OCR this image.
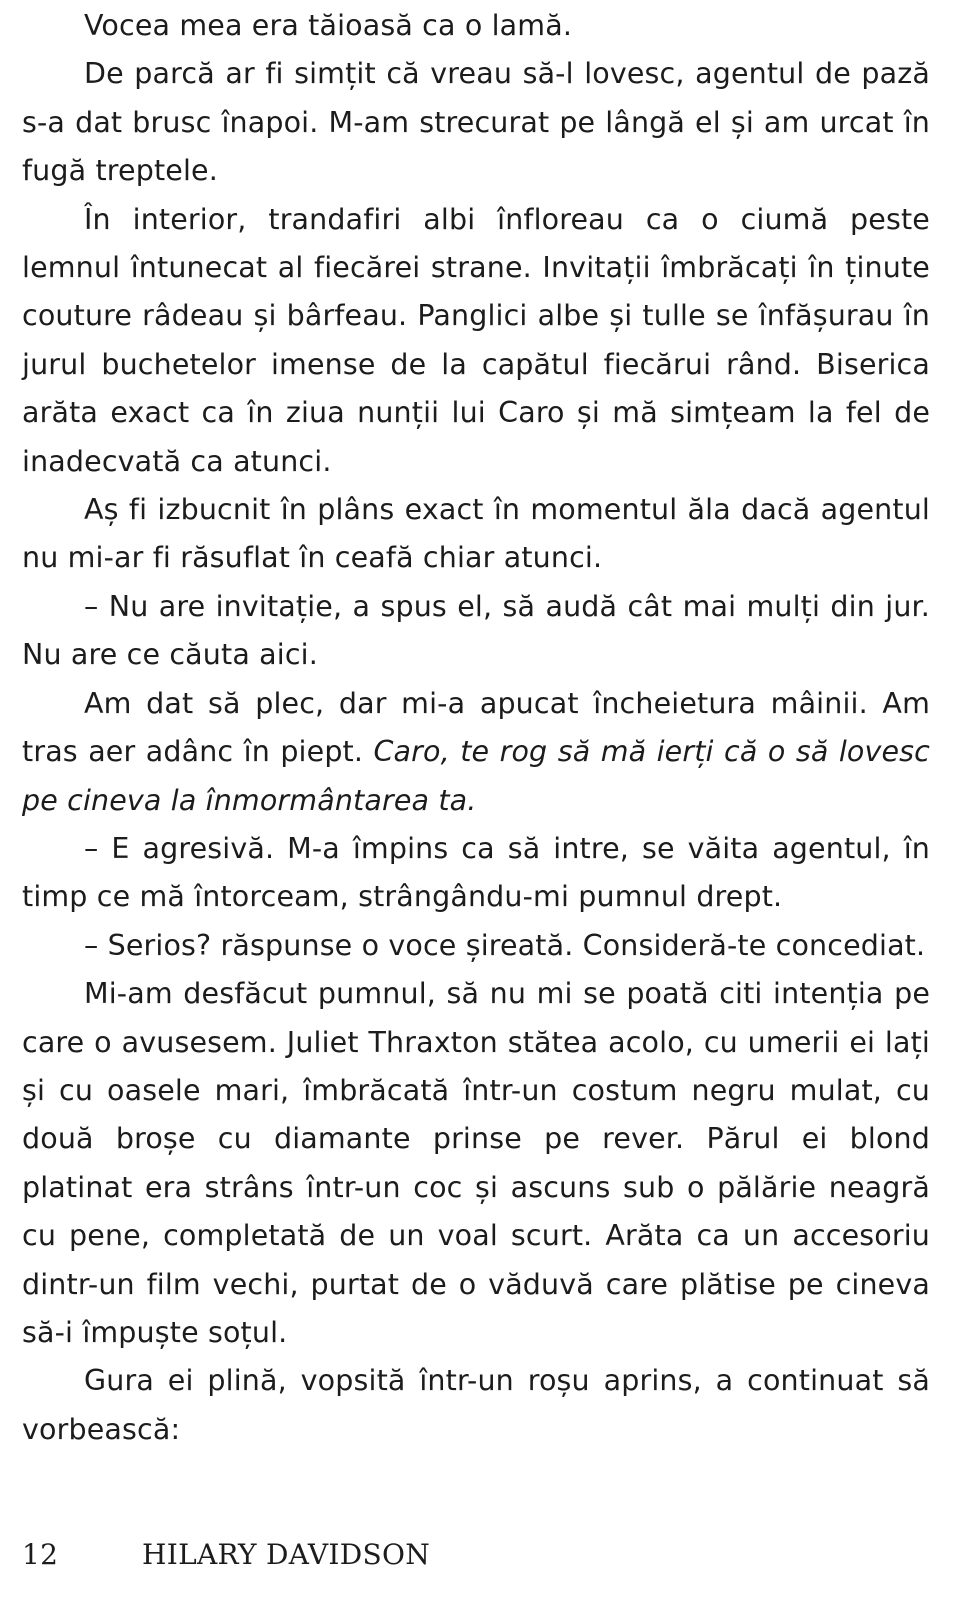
Vocea mea era tăioasă ca o lamă.

De parcă ar fi simțit că vreau să-l lovesc, agentul de pază s-a dat brusc înapoi. M-am strecurat pe lângă el și am urcat în fugă treptele.

În interior, trandafiri albi înfloreau ca o ciumă peste lemnul întunecat al fiecărei strane. Invitații îmbrăcați în ținute couture râdeau și bârfeau. Panglici albe și tulle se înfășurau în jurul buchetelor imense de la capătul fiecărui rând. Biserica arăta exact ca în ziua nunții lui Caro și mă simțeam la fel de inadecvată ca atunci.

Aș fi izbucnit în plâns exact în momentul ăla dacă agentul nu mi-ar fi răsuflat în ceafă chiar atunci.

– Nu are invitație, a spus el, să audă cât mai mulți din jur. Nu are ce căuta aici.

Am dat să plec, dar mi-a apucat încheietura mâinii. Am tras aer adânc în piept. Caro, te rog să mă ierți că o să lovesc pe cineva la înmormântarea ta.

– E agresivă. M-a împins ca să intre, se văita agentul, în timp ce mă întorceam, strângându-mi pumnul drept.

– Serios? răspunse o voce șireată. Consideră-te concediat.

Mi-am desfăcut pumnul, să nu mi se poată citi intenția pe care o avusesem. Juliet Thraxton stătea acolo, cu umerii ei lați și cu oasele mari, îmbrăcată într-un costum negru mulat, cu două broșe cu diamante prinse pe rever. Părul ei blond platinat era strâns într-un coc și ascuns sub o pălărie neagră cu pene, completată de un voal scurt. Arăta ca un accesoriu dintr-un film vechi, purtat de o văduvă care plătise pe cineva să-i împuște soțul.

Gura ei plină, vopsită într-un roșu aprins, a continuat să vorbească:

12	HILARY DAVIDSON
